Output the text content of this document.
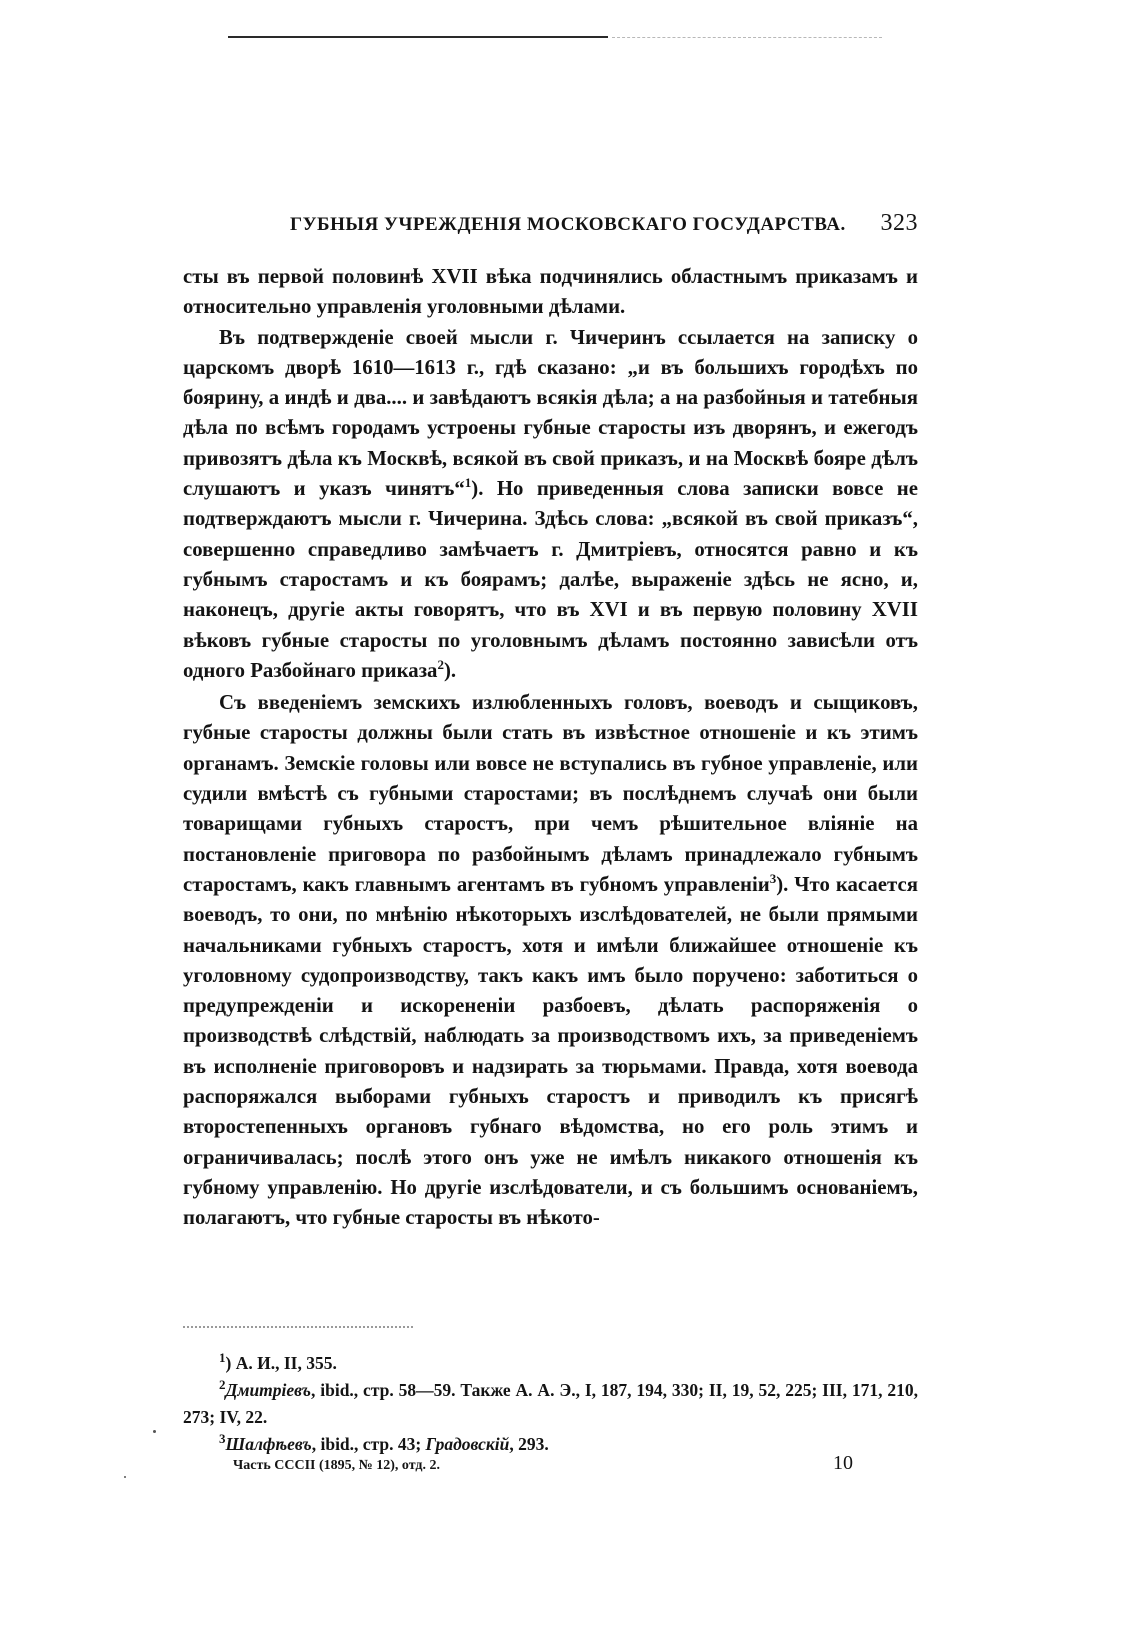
ГУБНЫЯ УЧРЕЖДЕНІЯ МОСКОВСКАГО ГОСУДАРСТВА. 323

сты въ первой половинѣ XVII вѣка подчинялись областнымъ приказамъ и относительно управленія уголовными дѣлами.

Въ подтвержденіе своей мысли г. Чичеринъ ссылается на записку о царскомъ дворѣ 1610—1613 г., гдѣ сказано: „и въ большихъ городѣхъ по боярину, а индѣ и два.... и завѣдаютъ всякія дѣла; а на разбойныя и татебныя дѣла по всѣмъ городамъ устроены губные старосты изъ дворянъ, и ежегодъ привозятъ дѣла къ Москвѣ, всякой въ свой приказъ, и на Москвѣ бояре дѣлъ слушаютъ и указъ чинятъ“$^1$). Но приведенныя слова записки вовсе не подтверждаютъ мысли г. Чичерина. Здѣсь слова: „всякой въ свой приказъ“, совершенно справедливо замѣчаетъ г. Дмитріевъ, относятся равно и къ губнымъ старостамъ и къ боярамъ; далѣе, выраженіе здѣсь не ясно, и, наконецъ, другіе акты говорятъ, что въ XVI и въ первую половину XVII вѣковъ губные старосты по уголовнымъ дѣламъ постоянно зависѣли отъ одного Разбойнаго приказа$^2$).

Съ введеніемъ земскихъ излюбленныхъ головъ, воеводъ и сыщиковъ, губные старосты должны были стать въ извѣстное отношеніе и къ этимъ органамъ. Земскіе головы или вовсе не вступались въ губное управленіе, или судили вмѣстѣ съ губными старостами; въ послѣднемъ случаѣ они были товарищами губныхъ старостъ, при чемъ рѣшительное вліяніе на постановленіе приговора по разбойнымъ дѣламъ принадлежало губнымъ старостамъ, какъ главнымъ агентамъ въ губномъ управленіи$^3$). Что касается воеводъ, то они, по мнѣнію нѣкоторыхъ изслѣдователей, не были прямыми начальниками губныхъ старостъ, хотя и имѣли ближайшее отношеніе къ уголовному судопроизводству, такъ какъ имъ было поручено: заботиться о предупрежденіи и искорененіи разбоевъ, дѣлать распоряженія о производствѣ слѣдствій, наблюдать за производствомъ ихъ, за приведеніемъ въ исполненіе приговоровъ и надзирать за тюрьмами. Правда, хотя воевода распоряжался выборами губныхъ старостъ и приводилъ къ присягѣ второстепенныхъ органовъ губнаго вѣдомства, но его роль этимъ и ограничивалась; послѣ этого онъ уже не имѣлъ никакого отношенія къ губному управленію. Но другіе изслѣдователи, и съ большимъ основаніемъ, полагаютъ, что губные старосты въ нѣкото-

$^1$) А. И., II, 355.

$^2$Дмитріевъ, ibid., стр. 58—59. Также А. А. Э., I, 187, 194, 330; II, 19, 52, 225; III, 171, 210, 273; IV, 22.

$^3$Шалфѣевъ, ibid., стр. 43; Градовскій, 293.

Часть СССII (1895, № 12), отд. 2.	10
